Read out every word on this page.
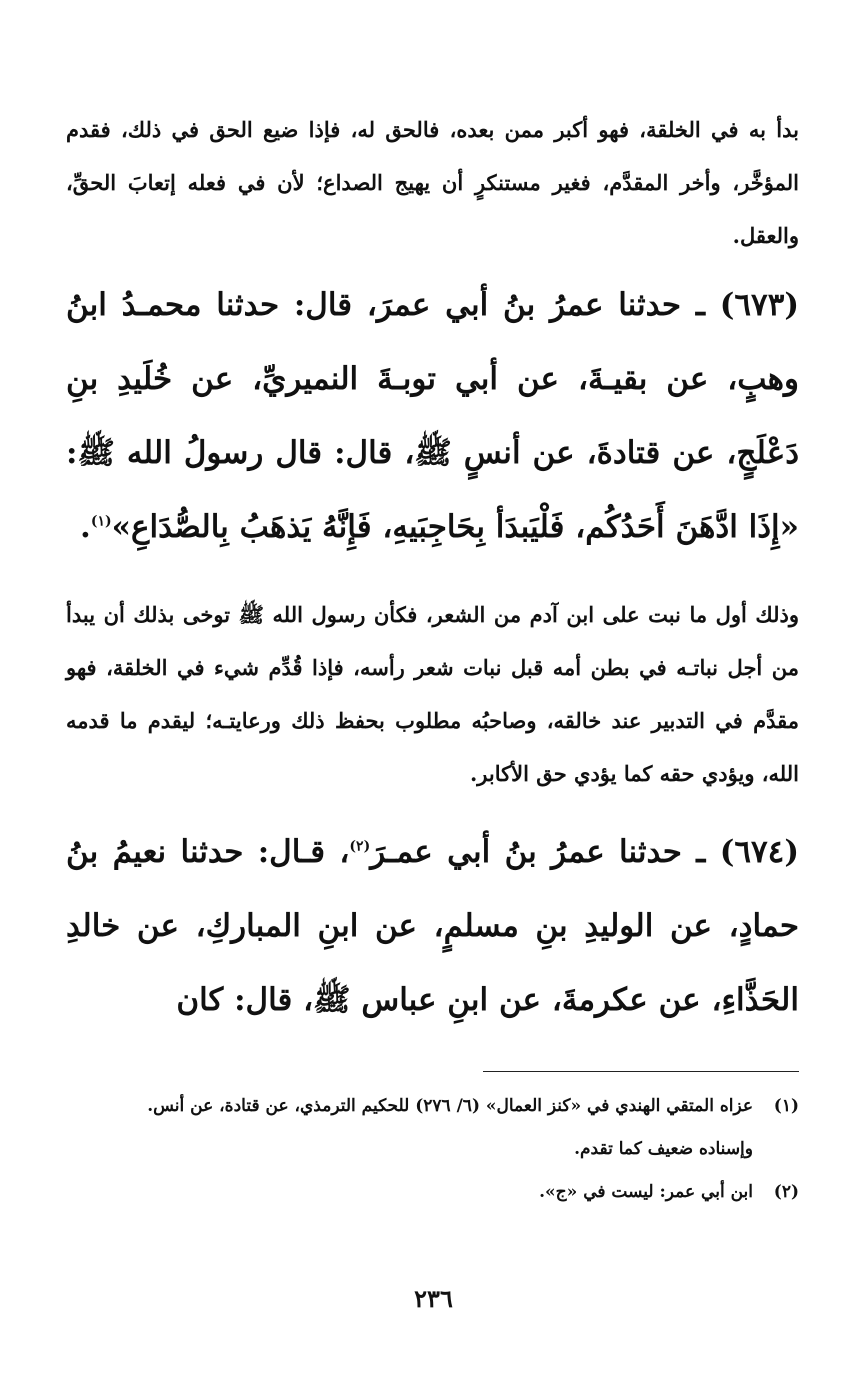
بدأ به في الخلقة، فهو أكبر ممن بعده، فالحق له، فإذا ضيع الحق في ذلك، فقدم المؤخَّر، وأخر المقدَّم، فغير مستنكرٍ أن يهيج الصداع؛ لأن في فعله إتعابَ الحقِّ، والعقل.
(٦٧٣) ـ حدثنا عمرُ بنُ أبي عمرَ، قال: حدثنا محمـدُ ابنُ وهبٍ، عن بقيـةَ، عن أبي توبـةَ النميريِّ، عن خُلَيدِ بنِ دَعْلَجٍ، عن قتادةَ، عن أنسٍ ﷺ، قال: قال رسولُ الله ﷺ: «إِذَا ادَّهَنَ أَحَدُكُم، فَلْيَبدَأ بِحَاجِبَيهِ، فَإِنَّهُ يَذهَبُ بِالصُّدَاعِ»$^{(١)}$.
وذلك أول ما نبت على ابن آدم من الشعر، فكأن رسول الله ﷺ توخى بذلك أن يبدأ من أجل نباتـه في بطن أمه قبل نبات شعر رأسه، فإذا قُدِّم شيء في الخلقة، فهو مقدَّم في التدبير عند خالقه، وصاحبُه مطلوب بحفظ ذلك ورعايتـه؛ ليقدم ما قدمه الله، ويؤدي حقه كما يؤدي حق الأكابر.
(٦٧٤) ـ حدثنا عمرُ بنُ أبي عمـرَ$^{(٢)}$، قـال: حدثنا نعيمُ بنُ حمادٍ، عن الوليدِ بنِ مسلمٍ، عن ابنِ المباركِ، عن خالدِ الحَذَّاءِ، عن عكرمةَ، عن ابنِ عباس ﷺ، قال: كان
(١)عزاه المتقي الهندي في «كنز العمال» (٦/ ٢٧٦) للحكيم الترمذي، عن قتادة، عن أنس.
وإسناده ضعيف كما تقدم.
(٢)ابن أبي عمر: ليست في «ج».
٢٣٦
